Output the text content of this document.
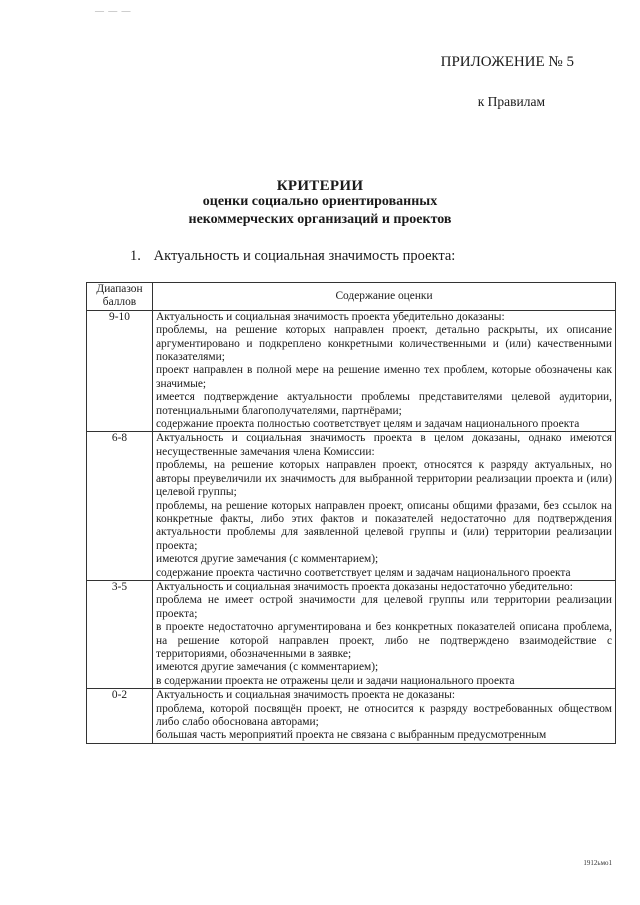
— — —
ПРИЛОЖЕНИЕ № 5
к Правилам
КРИТЕРИИ
оценки социально ориентированных некоммерческих организаций и проектов
1. Актуальность и социальная значимость проекта:
Диапазон баллов	Содержание оценки
9-10	Актуальность и социальная значимость проекта убедительно доказаны:
проблемы, на решение которых направлен проект, детально раскрыты, их описание аргументировано и подкреплено конкретными количественными и (или) качественными показателями;
проект направлен в полной мере на решение именно тех проблем, которые обозначены как значимые;
имеется подтверждение актуальности проблемы представителями целевой аудитории, потенциальными благополучателями, партнёрами;
содержание проекта полностью соответствует целям и задачам национального проекта

6-8	Актуальность и социальная значимость проекта в целом доказаны, однако имеются несущественные замечания члена Комиссии:
проблемы, на решение которых направлен проект, относятся к разряду актуальных, но авторы преувеличили их значимость для выбранной территории реализации проекта и (или) целевой группы;
проблемы, на решение которых направлен проект, описаны общими фразами, без ссылок на конкретные факты, либо этих фактов и показателей недостаточно для подтверждения актуальности проблемы для заявленной целевой группы и (или) территории реализации проекта;
имеются другие замечания (с комментарием);
содержание проекта частично соответствует целям и задачам национального проекта

3-5	Актуальность и социальная значимость проекта доказаны недостаточно убедительно:
проблема не имеет острой значимости для целевой группы или территории реализации проекта;
в проекте недостаточно аргументирована и без конкретных показателей описана проблема, на решение которой направлен проект, либо не подтверждено взаимодействие с территориями, обозначенными в заявке;
имеются другие замечания (с комментарием);
в содержании проекта не отражены цели и задачи национального проекта

0-2	Актуальность и социальная значимость проекта не доказаны:
проблема, которой посвящён проект, не относится к разряду востребованных обществом либо слабо обоснована авторами;
большая часть мероприятий проекта не связана с выбранным предусмотренным
1912ьмо1
